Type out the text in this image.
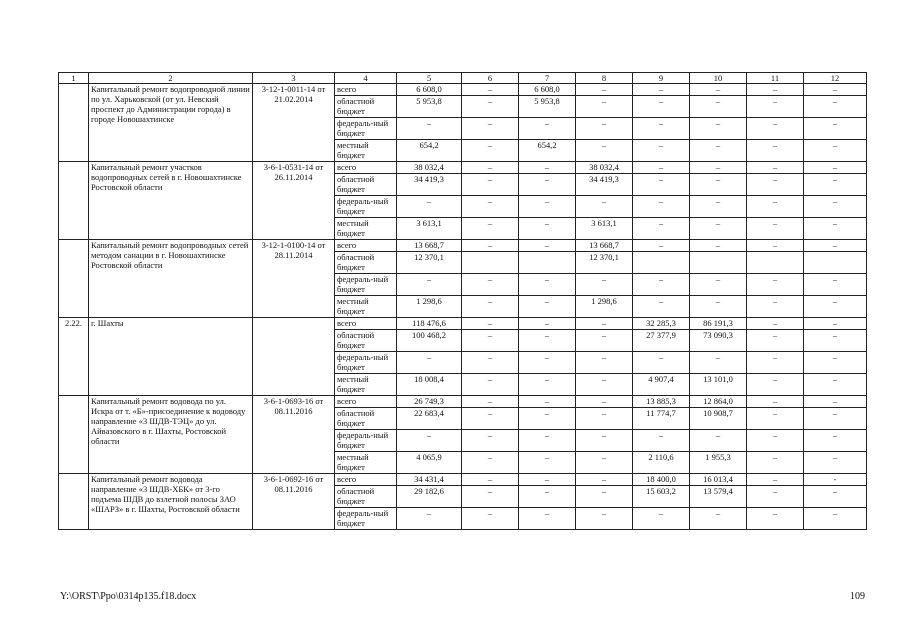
1	2	3	4	5	6	7	8	9	10	11	12
	Капитальный ремонт водопроводной линии по ул. Харьковской (от ул. Невский проспект до Администрации города) в городе Новошахтинске	3-12-1-0011-14 от 21.02.2014	всего	6 608,0	–	6 608,0	–	–	–	–	–
			областной бюджет	5 953,8	–	5 953,8	–	–	–	–	–
			федераль-ный бюджет	–	–	–	–	–	–	–	–
			местный бюджет	654,2	–	654,2	–	–	–	–	–
	Капитальный ремонт участков водопроводных сетей в г. Новошахтинске Ростовской области	3-6-1-0531-14 от 26.11.2014	всего	38 032,4	–	–	38 032,4	–	–	–	–
			областной бюджет	34 419,3	–	–	34 419,3	–	–	–	–
			федераль-ный бюджет	–	–	–	–	–	–	–	–
			местный бюджет	3 613,1	–	–	3 613,1	–	–	–	–
	Капитальный ремонт водопроводных сетей методом санации в г. Новошахтинске Ростовской области	3-12-1-0100-14 от 28.11.2014	всего	13 668,7	–	–	13 668,7	–	–	–	–
			областной бюджет	12 370,1			12 370,1				
			федераль-ный бюджет	–	–	–	–	–	–	–	–
			местный бюджет	1 298,6	–	–	1 298,6	–	–	–	–
2.22.	г. Шахты		всего	118 476,6	–	–	–	32 285,3	86 191,3	–	–
			областной бюджет	100 468,2	–	–	–	27 377,9	73 090,3	–	–
			федераль-ный бюджет	–	–	–	–	–	–	–	–
			местный бюджет	18 008,4	–	–	–	4 907,4	13 101,0	–	–
	Капитальный ремонт водовода по ул. Искра от т. «Б»-присоединение к водоводу направление «3 ШДВ-ТЭЦ» до ул. Айвазовского в г. Шахты, Ростовской области	3-6-1-0693-16 от 08.11.2016	всего	26 749,3	–	–	–	13 885,3	12 864,0	–	–
			областной бюджет	22 683,4	–	–	–	11 774,7	10 908,7	–	–
			федераль-ный бюджет	–	–	–	–	–	–	–	–
			местный бюджет	4 065,9	–	–	–	2 110,6	1 955,3	–	–
	Капитальный ремонт водовода направление «3 ШДВ-ХБК» от 3-го подъема ШДВ до взлетной полосы ЗАО «ШАРЗ» в г. Шахты, Ростовской области	3-6-1-0692-16 от 08.11.2016	всего	34 431,4	–	–	–	18 400,0	16 013,4	–	-
			областной бюджет	29 182,6	–	–	–	15 603,2	13 579,4	–	–
			федераль-ный бюджет	–	–	–	–	–	–	–	–
Y:\ORST\Ppo\0314p135.f18.docx	109
